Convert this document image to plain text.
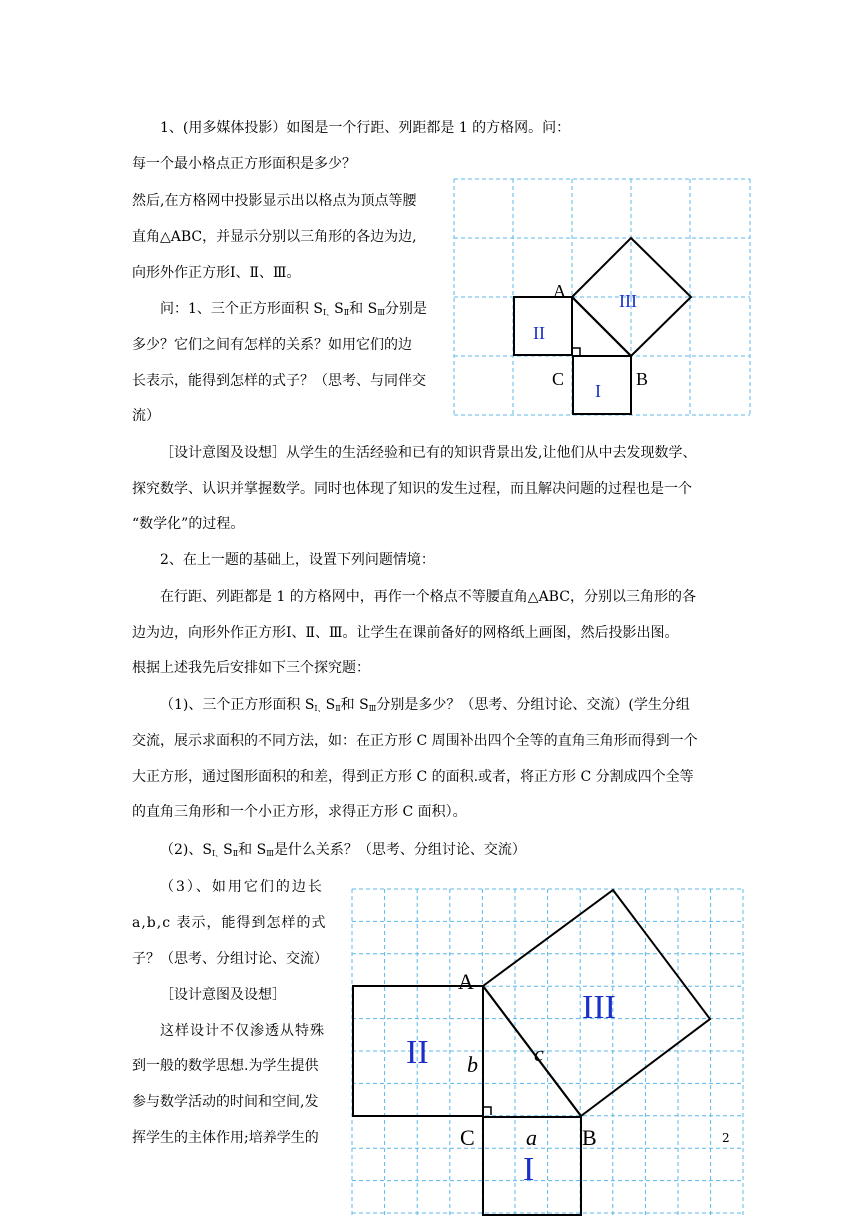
1、(用多媒体投影）如图是一个行距、列距都是 1 的方格网。问：
每一个最小格点正方形面积是多少？
然后,在方格网中投影显示出以格点为顶点等腰
直角△ABC，并显示分别以三角形的各边为边,
向形外作正方形Ⅰ、Ⅱ、Ⅲ。
问：1、三个正方形面积 $S_{Ⅰ、}S_Ⅱ$和 $S_Ⅲ$分别是
多少？它们之间有怎样的关系？如用它们的边
长表示，能得到怎样的式子？（思考、与同伴交
流）
A
B
C
I
II
III
［设计意图及设想］从学生的生活经验和已有的知识背景出发,让他们从中去发现数学、
探究数学、认识并掌握数学。同时也体现了知识的发生过程，而且解决问题的过程也是一个
“数学化”的过程。
2、在上一题的基础上，设置下列问题情境：
在行距、列距都是 1 的方格网中，再作一个格点不等腰直角△ABC，分别以三角形的各
边为边，向形外作正方形Ⅰ、Ⅱ、Ⅲ。让学生在课前备好的网格纸上画图，然后投影出图。
根据上述我先后安排如下三个探究题：
（1)、三个正方形面积 $S_{Ⅰ、}S_Ⅱ$和 $S_Ⅲ$分别是多少？（思考、分组讨论、交流）(学生分组
交流，展示求面积的不同方法，如：在正方形 C 周围补出四个全等的直角三角形而得到一个
大正方形，通过图形面积的和差，得到正方形 C 的面积.或者，将正方形 C 分割成四个全等
的直角三角形和一个小正方形，求得正方形 C 面积）。
（2)、$S_{Ⅰ、}S_Ⅱ$和 $S_Ⅲ$是什么关系？（思考、分组讨论、交流）
（3）、如用它们的边长
a,b,c 表示，能得到怎样的式
子？（思考、分组讨论、交流）
［设计意图及设想］
这样设计不仅渗透从特殊
到一般的数学思想.为学生提供
参与数学活动的时间和空间,发
挥学生的主体作用;培养学生的
A
B
C a
b	c
I
II
III
2
